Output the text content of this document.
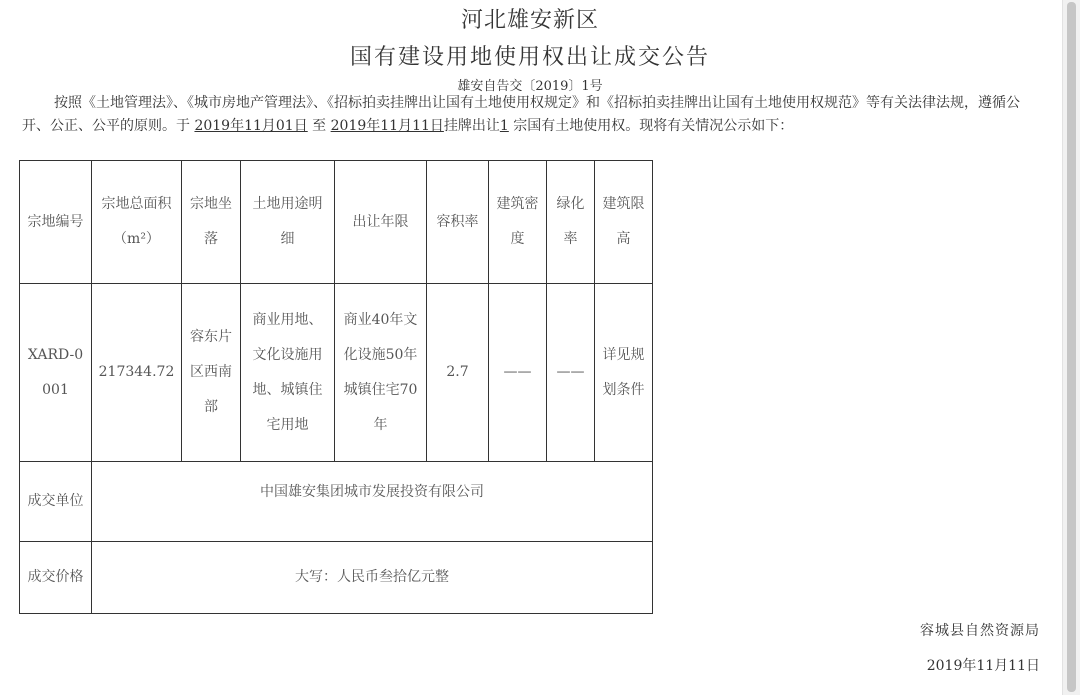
河北雄安新区
国有建设用地使用权出让成交公告
雄安自告交〔2019〕1号

按照《土地管理法》、《城市房地产管理法》、《招标拍卖挂牌出让国有土地使用权规定》和《招标拍卖挂牌出让国有土地使用权规范》等有关法律法规，遵循公开、公正、公平的原则。于 2019年11月01日 至 2019年11月11日挂牌出让1 宗国有土地使用权。现将有关情况公示如下：

宗地编号	宗地总面积（m²）	宗地坐落	土地用途明细	出让年限	容积率	建筑密度	绿化率	建筑限高
XARD-0001	217344.72	容东片区西南部	商业用地、文化设施用地、城镇住宅用地	商业40年文化设施50年城镇住宅70年	2.7	——	——	详见规划条件
成交单位	中国雄安集团城市发展投资有限公司							
成交价格	大写：人民币叁拾亿元整							
容城县自然资源局
2019年11月11日
